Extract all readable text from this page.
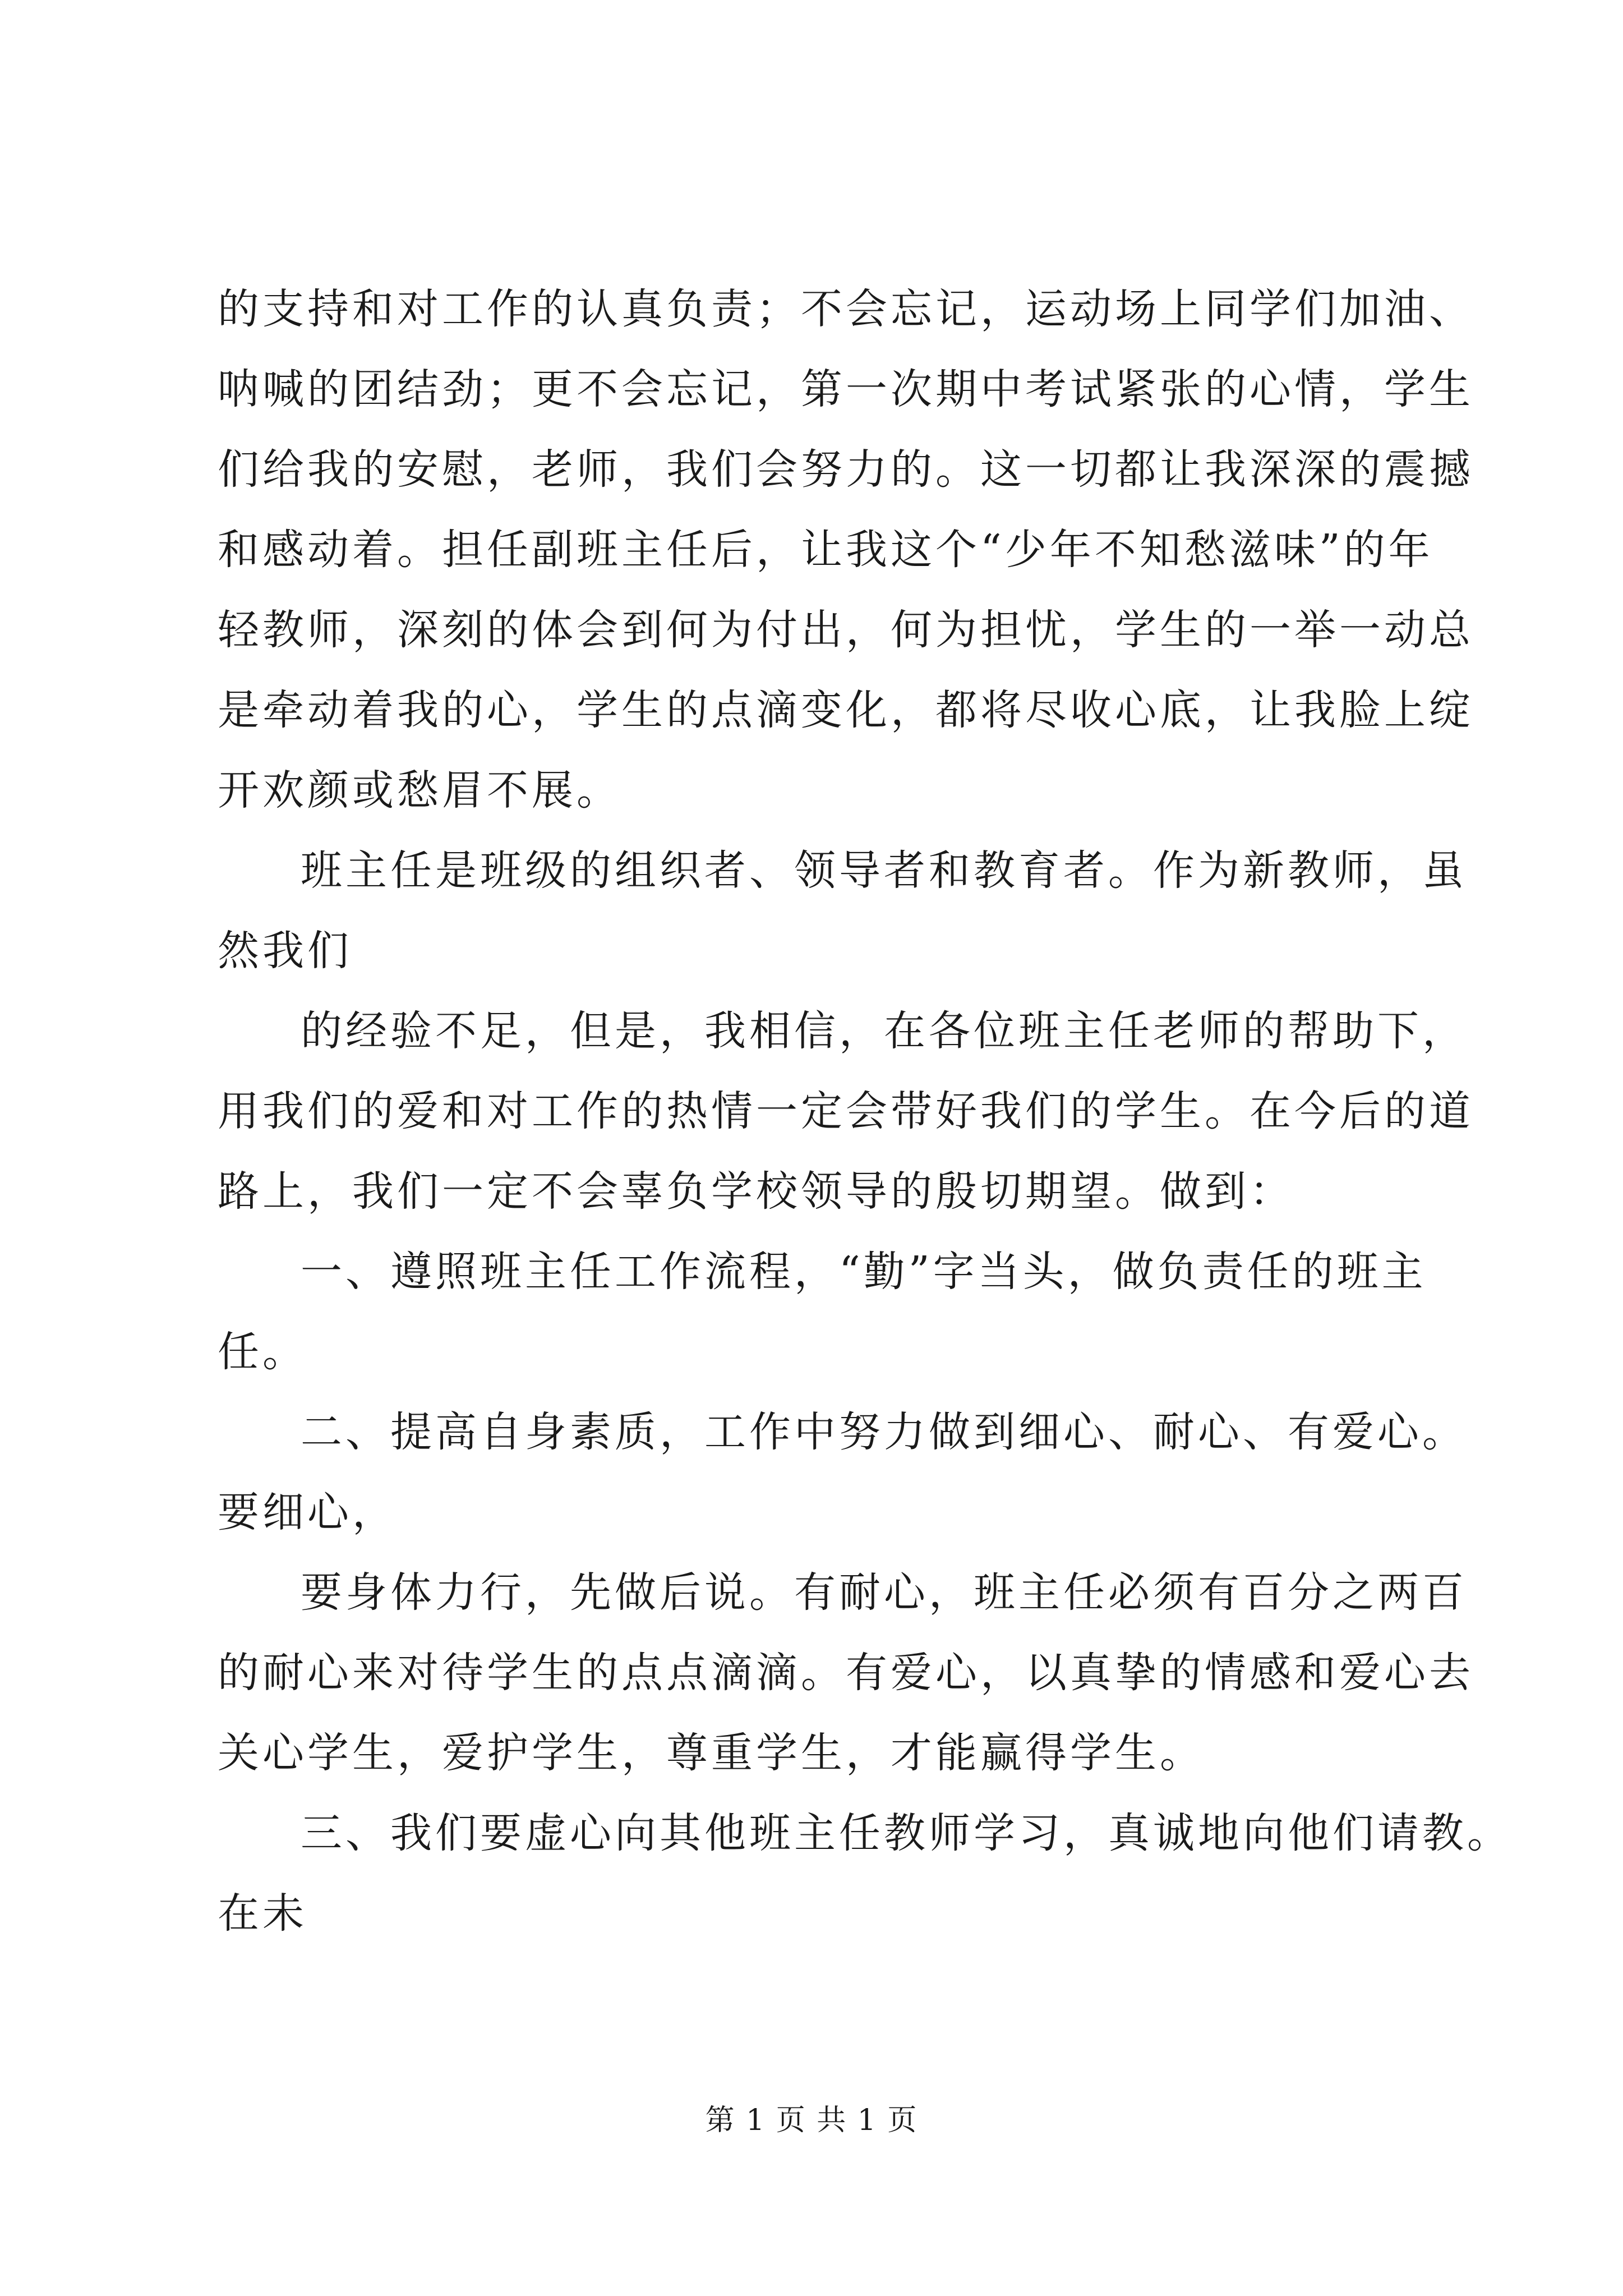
的支持和对工作的认真负责；不会忘记，运动场上同学们加油、
呐喊的团结劲；更不会忘记，第一次期中考试紧张的心情，学生
们给我的安慰，老师，我们会努力的。这一切都让我深深的震撼
和感动着。担任副班主任后，让我这个“少年不知愁滋味”的年
轻教师，深刻的体会到何为付出，何为担忧，学生的一举一动总
是牵动着我的心，学生的点滴变化，都将尽收心底，让我脸上绽
开欢颜或愁眉不展。
班主任是班级的组织者、领导者和教育者。作为新教师，虽
然我们
的经验不足，但是，我相信，在各位班主任老师的帮助下，
用我们的爱和对工作的热情一定会带好我们的学生。在今后的道
路上，我们一定不会辜负学校领导的殷切期望。做到：
一、遵照班主任工作流程，“勤”字当头，做负责任的班主
任。
二、提高自身素质，工作中努力做到细心、耐心、有爱心。
要细心，
要身体力行，先做后说。有耐心，班主任必须有百分之两百
的耐心来对待学生的点点滴滴。有爱心，以真挚的情感和爱心去
关心学生，爱护学生，尊重学生，才能赢得学生。
三、我们要虚心向其他班主任教师学习，真诚地向他们请教。
在未
第 1 页 共 1 页
